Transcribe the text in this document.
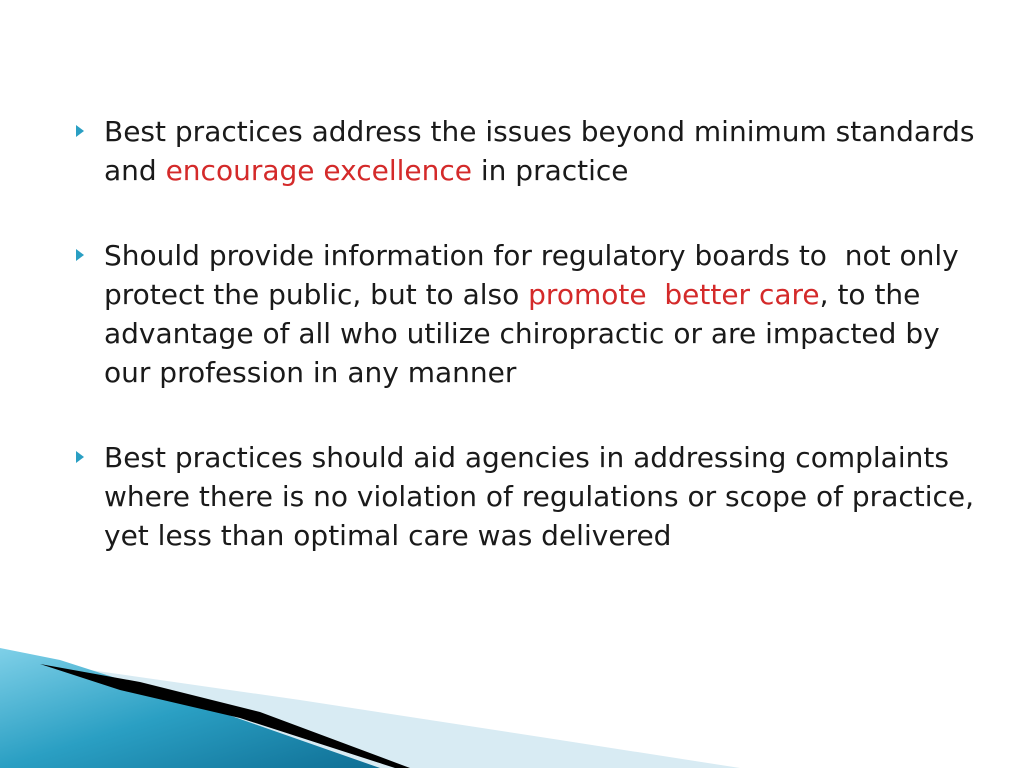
Best practices address the issues beyond minimum standards and encourage excellence in practice
Should provide information for regulatory boards to  not only  protect the public, but to also promote  better care, to the advantage of all who utilize chiropractic or are impacted by our profession in any manner
Best practices should aid agencies in addressing complaints where there is no violation of regulations or scope of practice, yet less than optimal care was delivered
